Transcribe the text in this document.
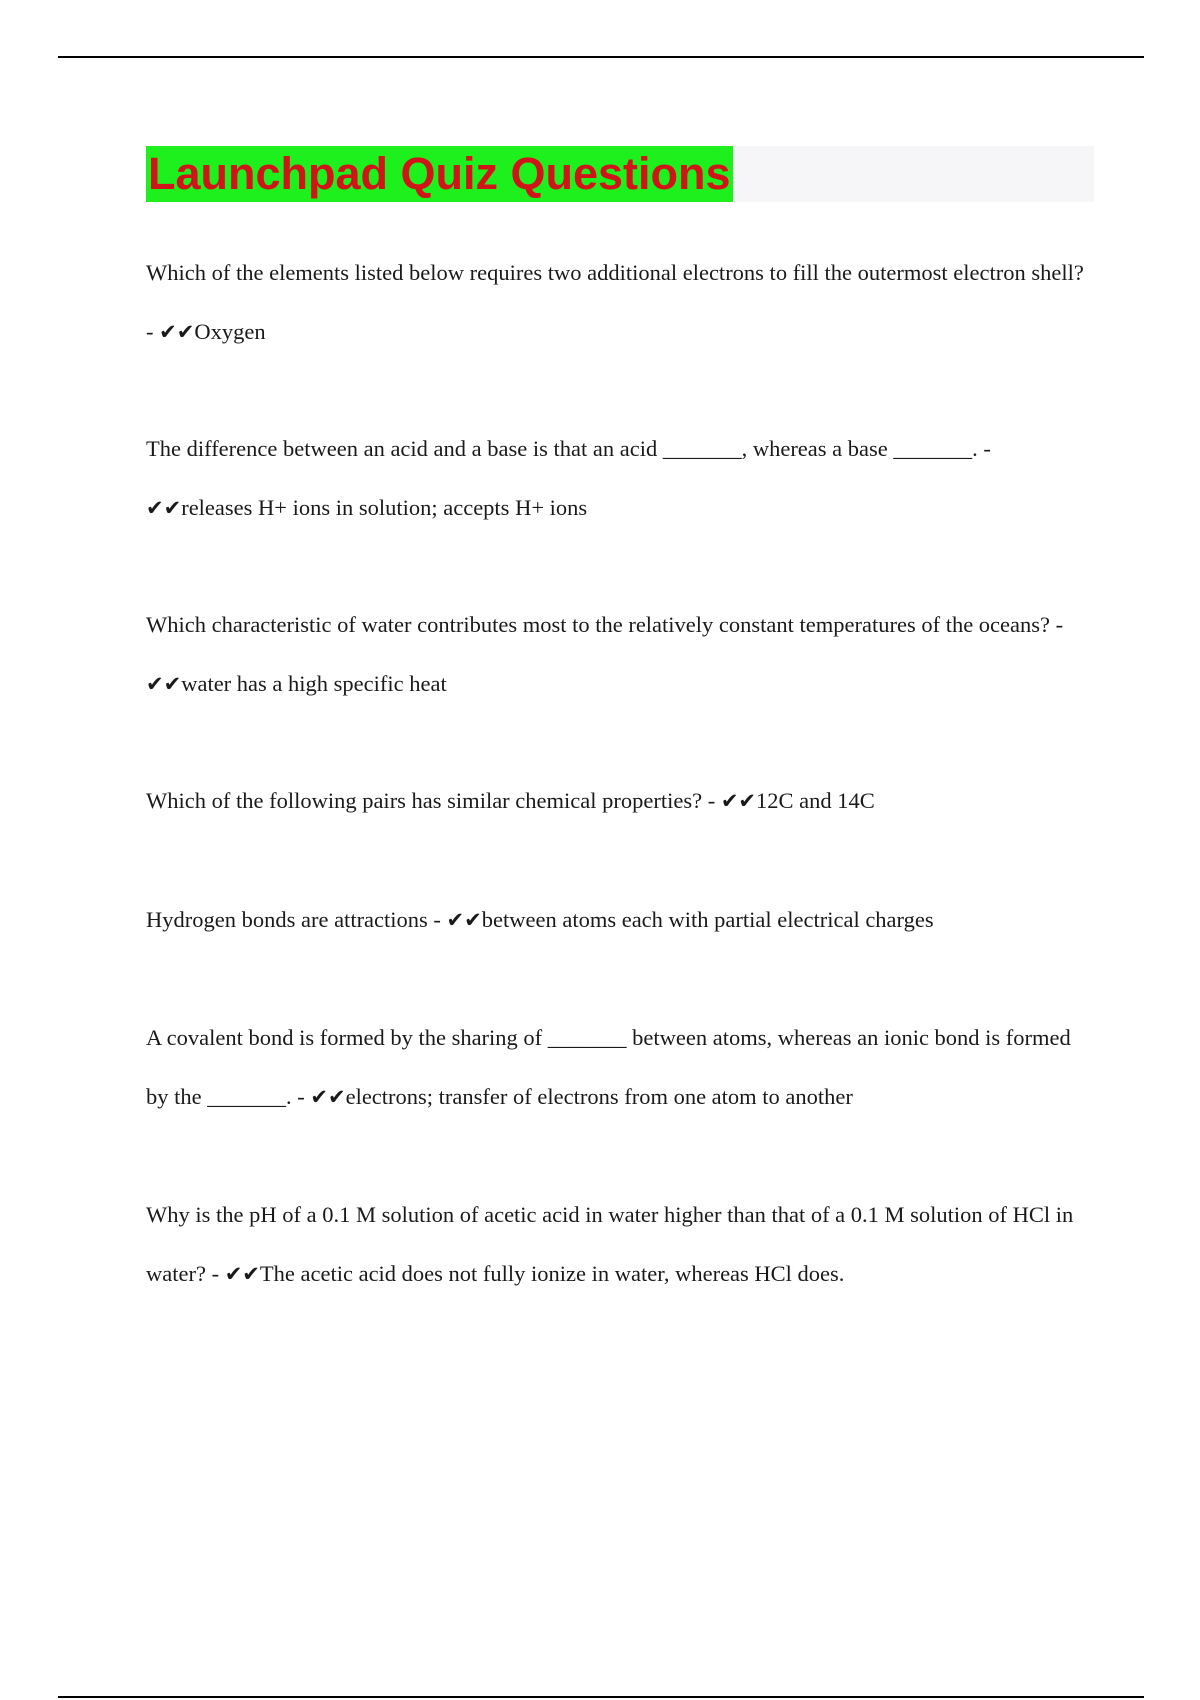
Launchpad Quiz Questions

Which of the elements listed below requires two additional electrons to fill the outermost electron shell? - ✔✔Oxygen

The difference between an acid and a base is that an acid _______, whereas a base _______. - ✔✔releases H+ ions in solution; accepts H+ ions

Which characteristic of water contributes most to the relatively constant temperatures of the oceans? - ✔✔water has a high specific heat

Which of the following pairs has similar chemical properties? - ✔✔12C and 14C

Hydrogen bonds are attractions - ✔✔between atoms each with partial electrical charges

A covalent bond is formed by the sharing of _______ between atoms, whereas an ionic bond is formed by the _______. - ✔✔electrons; transfer of electrons from one atom to another

Why is the pH of a 0.1 M solution of acetic acid in water higher than that of a 0.1 M solution of HCl in water? - ✔✔The acetic acid does not fully ionize in water, whereas HCl does.
